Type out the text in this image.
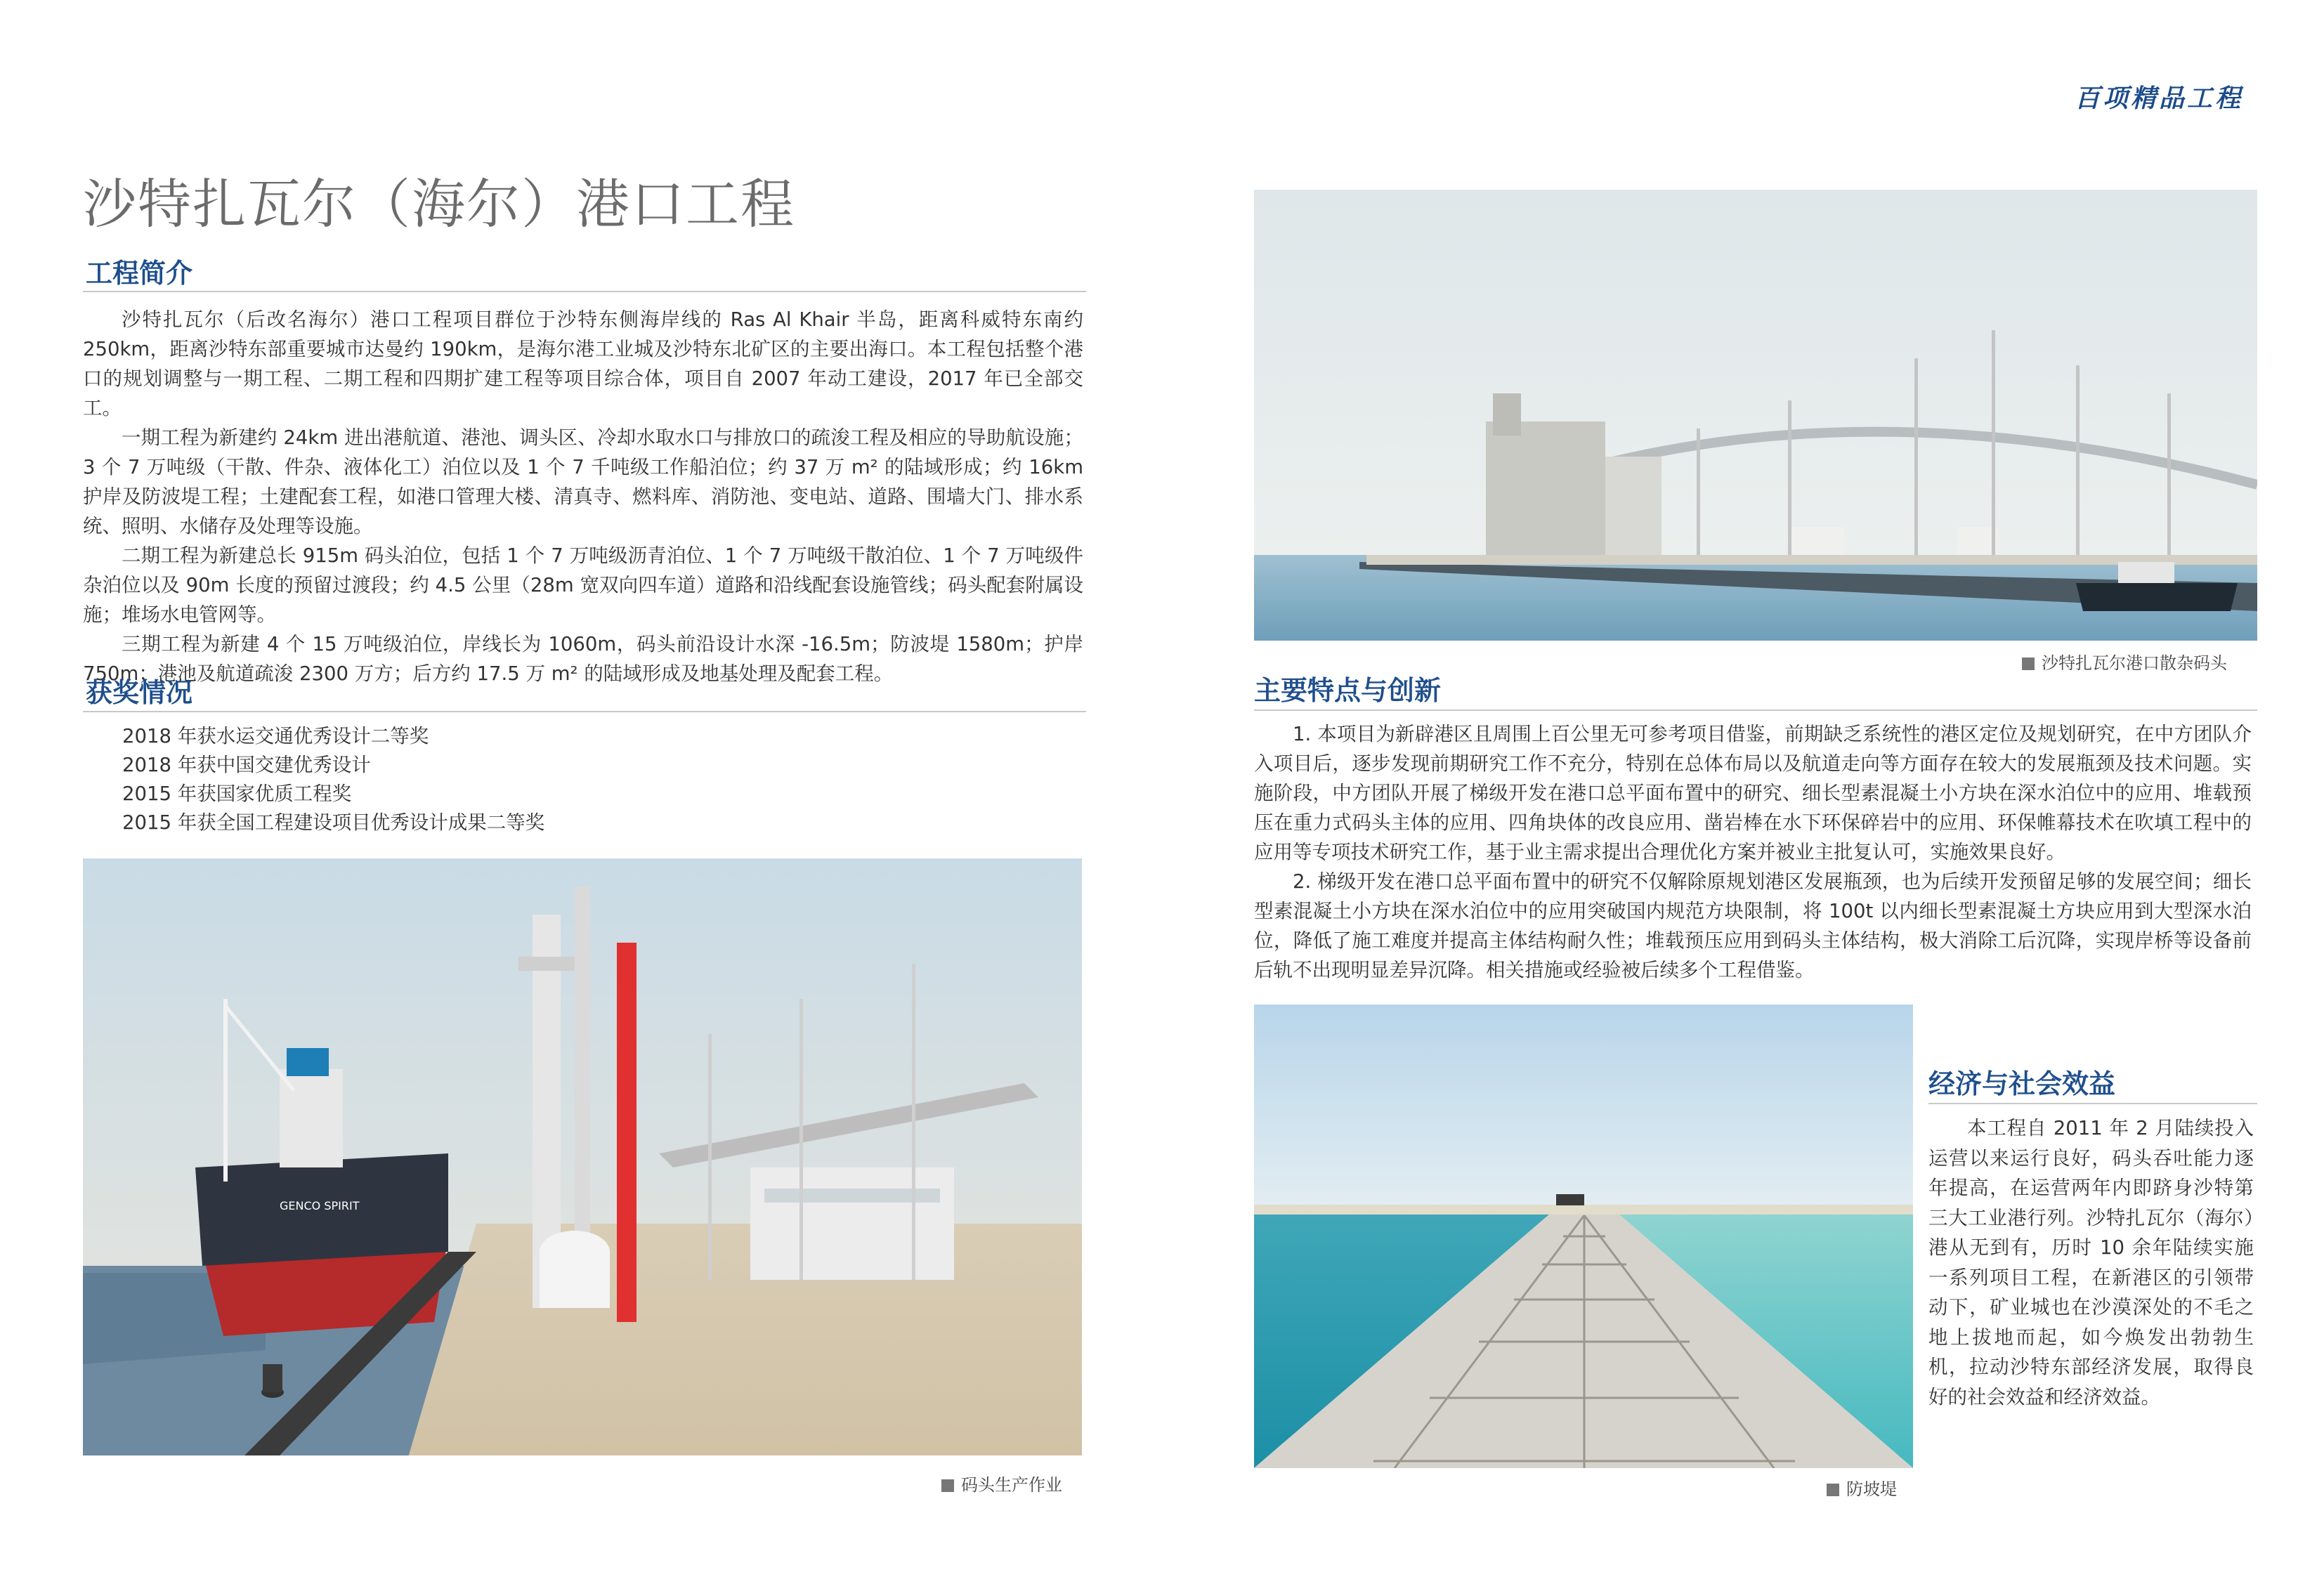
百项精品工程
沙特扎瓦尔（海尔）港口工程
工程简介

沙特扎瓦尔（后改名海尔）港口工程项目群位于沙特东侧海岸线的 Ras Al Khair 半岛，距离科威特东南约 250km，距离沙特东部重要城市达曼约 190km，是海尔港工业城及沙特东北矿区的主要出海口。本工程包括整个港口的规划调整与一期工程、二期工程和四期扩建工程等项目综合体，项目自 2007 年动工建设，2017 年已全部交工。

一期工程为新建约 24km 进出港航道、港池、调头区、冷却水取水口与排放口的疏浚工程及相应的导助航设施；3 个 7 万吨级（干散、件杂、液体化工）泊位以及 1 个 7 千吨级工作船泊位；约 37 万 m² 的陆域形成；约 16km 护岸及防波堤工程；土建配套工程，如港口管理大楼、清真寺、燃料库、消防池、变电站、道路、围墙大门、排水系统、照明、水储存及处理等设施。

二期工程为新建总长 915m 码头泊位，包括 1 个 7 万吨级沥青泊位、1 个 7 万吨级干散泊位、1 个 7 万吨级件杂泊位以及 90m 长度的预留过渡段；约 4.5 公里（28m 宽双向四车道）道路和沿线配套设施管线；码头配套附属设施；堆场水电管网等。

三期工程为新建 4 个 15 万吨级泊位，岸线长为 1060m，码头前沿设计水深 -16.5m；防波堤 1580m；护岸 750m；港池及航道疏浚 2300 万方；后方约 17.5 万 m² 的陆域形成及地基处理及配套工程。

获奖情况
2018 年获水运交通优秀设计二等奖
2018 年获中国交建优秀设计
2015 年获国家优质工程奖
2015 年获全国工程建设项目优秀设计成果二等奖
GENCO SPIRIT
码头生产作业
沙特扎瓦尔港口散杂码头
主要特点与创新

1. 本项目为新辟港区且周围上百公里无可参考项目借鉴，前期缺乏系统性的港区定位及规划研究，在中方团队介入项目后，逐步发现前期研究工作不充分，特别在总体布局以及航道走向等方面存在较大的发展瓶颈及技术问题。实施阶段，中方团队开展了梯级开发在港口总平面布置中的研究、细长型素混凝土小方块在深水泊位中的应用、堆载预压在重力式码头主体的应用、四角块体的改良应用、凿岩棒在水下环保碎岩中的应用、环保帷幕技术在吹填工程中的应用等专项技术研究工作，基于业主需求提出合理优化方案并被业主批复认可，实施效果良好。

2. 梯级开发在港口总平面布置中的研究不仅解除原规划港区发展瓶颈，也为后续开发预留足够的发展空间；细长型素混凝土小方块在深水泊位中的应用突破国内规范方块限制，将 100t 以内细长型素混凝土方块应用到大型深水泊位，降低了施工难度并提高主体结构耐久性；堆载预压应用到码头主体结构，极大消除工后沉降，实现岸桥等设备前后轨不出现明显差异沉降。相关措施或经验被后续多个工程借鉴。

防坡堤
经济与社会效益

本工程自 2011 年 2 月陆续投入运营以来运行良好，码头吞吐能力逐年提高，在运营两年内即跻身沙特第三大工业港行列。沙特扎瓦尔（海尔）港从无到有，历时 10 余年陆续实施一系列项目工程，在新港区的引领带动下，矿业城也在沙漠深处的不毛之地上拔地而起，如今焕发出勃勃生机，拉动沙特东部经济发展，取得良好的社会效益和经济效益。
